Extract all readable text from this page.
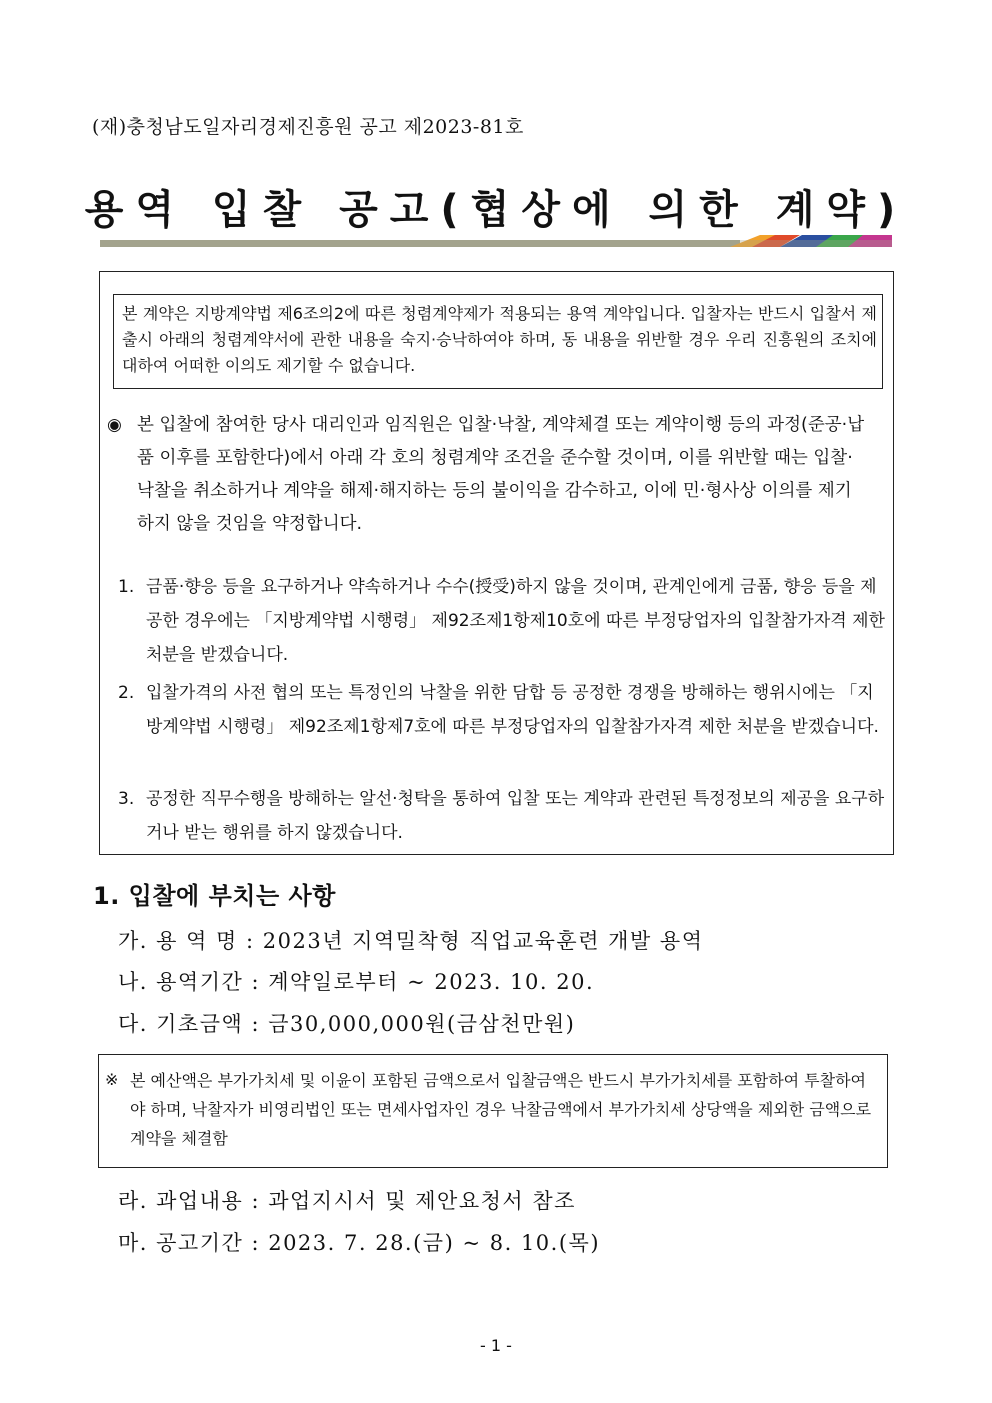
(재)충청남도일자리경제진흥원 공고 제2023-81호
용역 입찰 공고(협상에 의한 계약)
본 계약은 지방계약법 제6조의2에 따른 청렴계약제가 적용되는 용역 계약입니다. 입찰자는 반드시 입찰서 제출시 아래의 청렴계약서에 관한 내용을 숙지·승낙하여야 하며, 동 내용을 위반할 경우 우리 진흥원의 조치에 대하여 어떠한 이의도 제기할 수 없습니다.
◉ 본 입찰에 참여한 당사 대리인과 임직원은 입찰·낙찰, 계약체결 또는 계약이행 등의 과정(준공·납품 이후를 포함한다)에서 아래 각 호의 청렴계약 조건을 준수할 것이며, 이를 위반할 때는 입찰·낙찰을 취소하거나 계약을 해제·해지하는 등의 불이익을 감수하고, 이에 민·형사상 이의를 제기하지 않을 것임을 약정합니다.
1. 금품·향응 등을 요구하거나 약속하거나 수수(授受)하지 않을 것이며, 관계인에게 금품, 향응 등을 제공한 경우에는 「지방계약법 시행령」 제92조제1항제10호에 따른 부정당업자의 입찰참가자격 제한 처분을 받겠습니다.
2. 입찰가격의 사전 협의 또는 특정인의 낙찰을 위한 담합 등 공정한 경쟁을 방해하는 행위시에는 「지방계약법 시행령」 제92조제1항제7호에 따른 부정당업자의 입찰참가자격 제한 처분을 받겠습니다.
3. 공정한 직무수행을 방해하는 알선·청탁을 통하여 입찰 또는 계약과 관련된 특정정보의 제공을 요구하거나 받는 행위를 하지 않겠습니다.
1. 입찰에 부치는 사항
가. 용 역 명 : 2023년 지역밀착형 직업교육훈련 개발 용역
나. 용역기간 : 계약일로부터 ~ 2023. 10. 20.
다. 기초금액 : 금30,000,000원(금삼천만원)
※ 본 예산액은 부가가치세 및 이윤이 포함된 금액으로서 입찰금액은 반드시 부가가치세를 포함하여 투찰하여야 하며, 낙찰자가 비영리법인 또는 면세사업자인 경우 낙찰금액에서 부가가치세 상당액을 제외한 금액으로 계약을 체결함
라. 과업내용 : 과업지시서 및 제안요청서 참조
마. 공고기간 : 2023. 7. 28.(금) ~ 8. 10.(목)
- 1 -
